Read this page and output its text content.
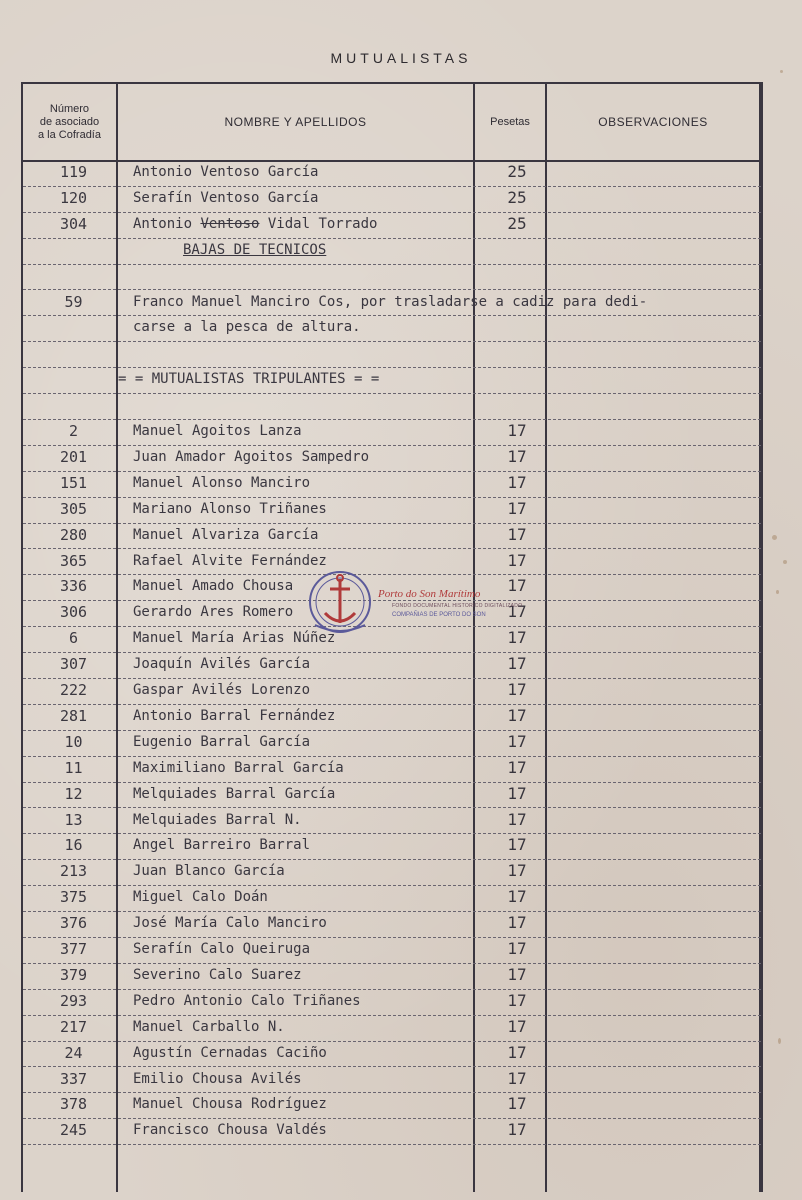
MUTUALISTAS
Número
de asociado
a la Cofradía
NOMBRE Y APELLIDOS	Pesetas	OBSERVACIONES
119	Antonio Ventoso García	25
120	Serafín Ventoso García	25
304	Antonio Ventoso Vidal Torrado	25
BAJAS DE TECNICOS
59	Franco Manuel Manciro Cos, por trasladarse a cadiz para dedi-
carse a la pesca de altura.
= = MUTUALISTAS TRIPULANTES = =
2	Manuel Agoitos Lanza	17
201	Juan Amador Agoitos Sampedro	17
151	Manuel Alonso Manciro	17
305	Mariano Alonso Triñanes	17
280	Manuel Alvariza García	17
365	Rafael Alvite Fernández	17
336	Manuel Amado Chousa	17
306	Gerardo Ares Romero	17
6	Manuel María Arias Núñez	17
307	Joaquín Avilés García	17
222	Gaspar Avilés Lorenzo	17
281	Antonio Barral Fernández	17
10	Eugenio Barral García	17
11	Maximiliano Barral García	17
12	Melquiades Barral García	17
13	Melquiades Barral N.	17
16	Angel Barreiro Barral	17
213	Juan Blanco García	17
375	Miguel Calo Doán	17
376	José María Calo Manciro	17
377	Serafín Calo Queiruga	17
379	Severino Calo Suarez	17
293	Pedro Antonio Calo Triñanes	17
217	Manuel Carballo N.	17
24	Agustín Cernadas Caciño	17
337	Emilio Chousa Avilés	17
378	Manuel Chousa Rodríguez	17
245	Francisco Chousa Valdés	17
Porto do Son Marítimo
FONDO DOCUMENTAL HISTORICO DIGITALIZADO
COMPAÑIAS DE PORTO DO SON
